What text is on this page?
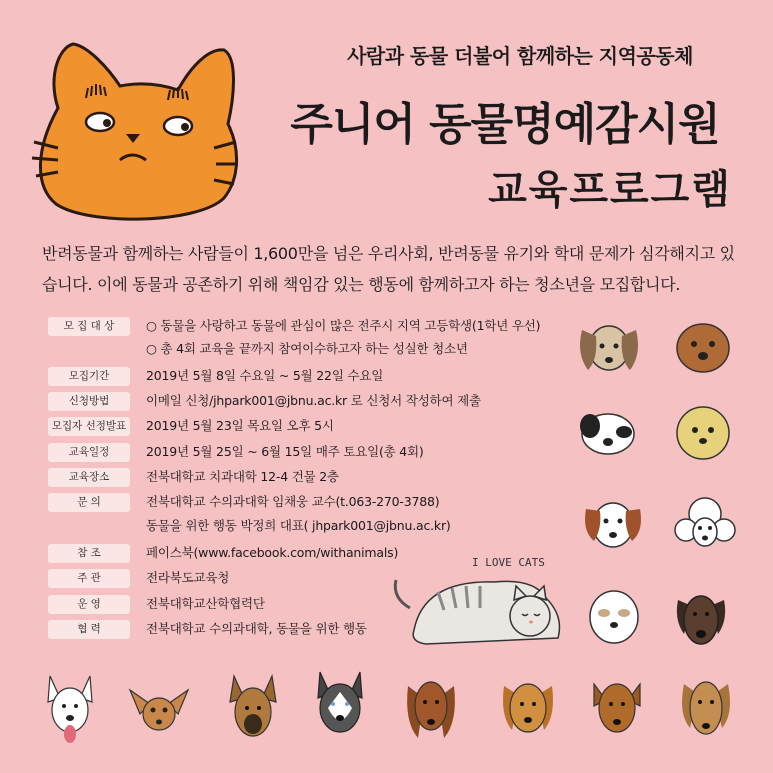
사람과 동물 더불어 함께하는 지역공동체
주니어 동물명예감시원
교육프로그램
반려동물과 함께하는 사람들이 1,600만을 넘은 우리사회, 반려동물 유기와 학대 문제가 심각해지고 있습니다. 이에 동물과 공존하기 위해 책임감 있는 행동에 함께하고자 하는 청소년을 모집합니다.
모 집 대 상	○ 동물을 사랑하고 동물에 관심이 많은 전주시 지역 고등학생(1학년 우선)
○ 총 4회 교육을 끝까지 참여이수하고자 하는 성실한 청소년
모집기간	2019년 5월 8일 수요일 ~ 5월 22일 수요일
신청방법	이메일 신청/jhpark001@jbnu.ac.kr 로 신청서 작성하여 제출
모집자 선정발표	2019년 5월 23일 목요일 오후 5시
교육일정	2019년 5월 25일 ~ 6월 15일 매주 토요일(총 4회)
교육장소	전북대학교 치과대학 12-4 건물 2층
문 의	전북대학교 수의과대학 임채웅 교수(t.063-270-3788)
동물을 위한 행동 박정희 대표( jhpark001@jbnu.ac.kr)
참 조	페이스북(www.facebook.com/withanimals)
주 관	전라북도교육청
운 영	전북대학교산학협력단
협 력	전북대학교 수의과대학, 동물을 위한 행동
I LOVE CATS
